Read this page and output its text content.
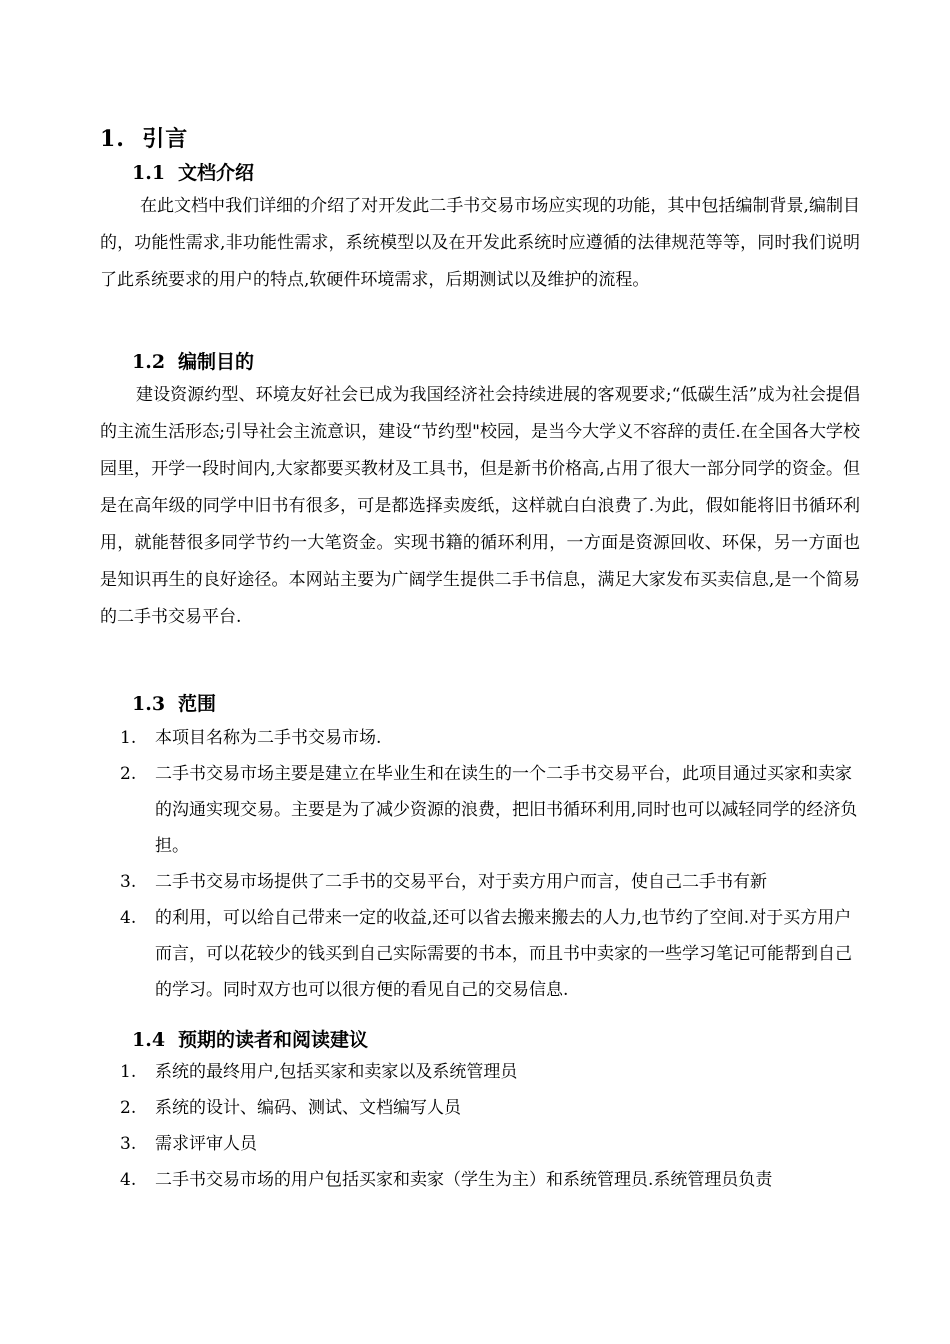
1. 引言
1.1 文档介绍
在此文档中我们详细的介绍了对开发此二手书交易市场应实现的功能，其中包括编制背景,编制目的，功能性需求,非功能性需求，系统模型以及在开发此系统时应遵循的法律规范等等，同时我们说明了此系统要求的用户的特点,软硬件环境需求，后期测试以及维护的流程。
1.2 编制目的
建设资源约型、环境友好社会已成为我国经济社会持续进展的客观要求;“低碳生活”成为社会提倡的主流生活形态;引导社会主流意识，建设“节约型"校园，是当今大学义不容辞的责任.在全国各大学校园里，开学一段时间内,大家都要买教材及工具书，但是新书价格高,占用了很大一部分同学的资金。但是在高年级的同学中旧书有很多，可是都选择卖废纸，这样就白白浪费了.为此，假如能将旧书循环利用，就能替很多同学节约一大笔资金。实现书籍的循环利用，一方面是资源回收、环保，另一方面也是知识再生的良好途径。本网站主要为广阔学生提供二手书信息，满足大家发布买卖信息,是一个简易的二手书交易平台.
1.3 范围
1. 本项目名称为二手书交易市场.
2. 二手书交易市场主要是建立在毕业生和在读生的一个二手书交易平台，此项目通过买家和卖家的沟通实现交易。主要是为了减少资源的浪费，把旧书循环利用,同时也可以减轻同学的经济负担。
3. 二手书交易市场提供了二手书的交易平台，对于卖方用户而言，使自己二手书有新
4. 的利用，可以给自己带来一定的收益,还可以省去搬来搬去的人力,也节约了空间.对于买方用户而言，可以花较少的钱买到自己实际需要的书本，而且书中卖家的一些学习笔记可能帮到自己的学习。同时双方也可以很方便的看见自己的交易信息.
1.4 预期的读者和阅读建议
1. 系统的最终用户,包括买家和卖家以及系统管理员
2. 系统的设计、编码、测试、文档编写人员
3. 需求评审人员
4. 二手书交易市场的用户包括买家和卖家（学生为主）和系统管理员.系统管理员负责
